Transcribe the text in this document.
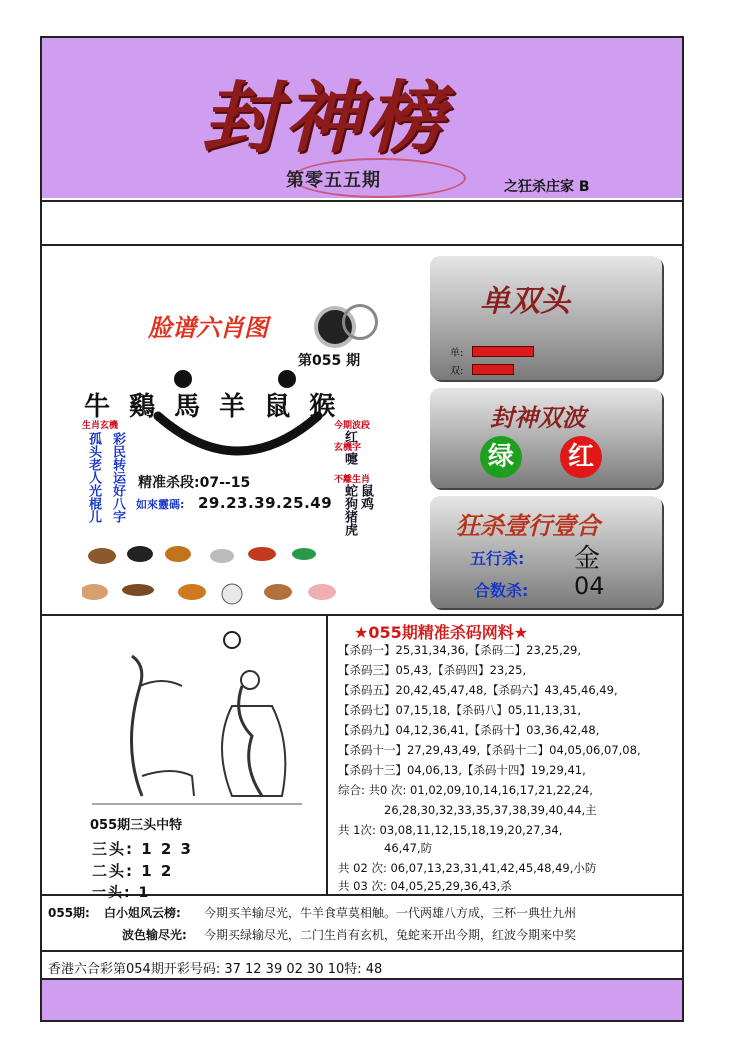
封神榜
第零五五期	之狂杀庄家 B
脸谱六肖图
第055 期
牛 鷄 馬 羊 鼠 猴
生肖玄機
孤头老人光棍儿 彩民转运好八字
今期波段
红
玄機字
嚏
不離生肖
蛇狗猪虎 鼠鸡
精准杀段:07--15
如來靈碼: 29.23.39.25.49
单双头
单:
双:
封神双波
绿	红
狂杀壹行壹合
五行杀: 金
合数杀: 04
055期三头中特
三头: 1 2 3
二头: 1 2
一头: 1
★055期精准杀码网料★
【杀码一】25,31,34,36,【杀码二】23,25,29,
【杀码三】05,43,【杀码四】23,25,
【杀码五】20,42,45,47,48,【杀码六】43,45,46,49,
【杀码七】07,15,18,【杀码八】05,11,13,31,
【杀码九】04,12,36,41,【杀码十】03,36,42,48,
【杀码十一】27,29,43,49,【杀码十二】04,05,06,07,08,
【杀码十三】04,06,13,【杀码十四】19,29,41,
综合: 共0 次: 01,02,09,10,14,16,17,21,22,24,
26,28,30,32,33,35,37,38,39,40,44,主
共 1次: 03,08,11,12,15,18,19,20,27,34,
46,47,防
共 02 次: 06,07,13,23,31,41,42,45,48,49,小防
共 03 次: 04,05,25,29,36,43,杀
055期: 白小姐风云榜: 今期买羊输尽光，牛羊食草莫相触。一代两雄八方成，三杯一典壮九州
波色输尽光: 今期买绿输尽光，二门生肖有玄机，兔蛇来开出今期，红波今期来中奖
香港六合彩第054期开彩号码: 37 12 39 02 30 10特: 48
